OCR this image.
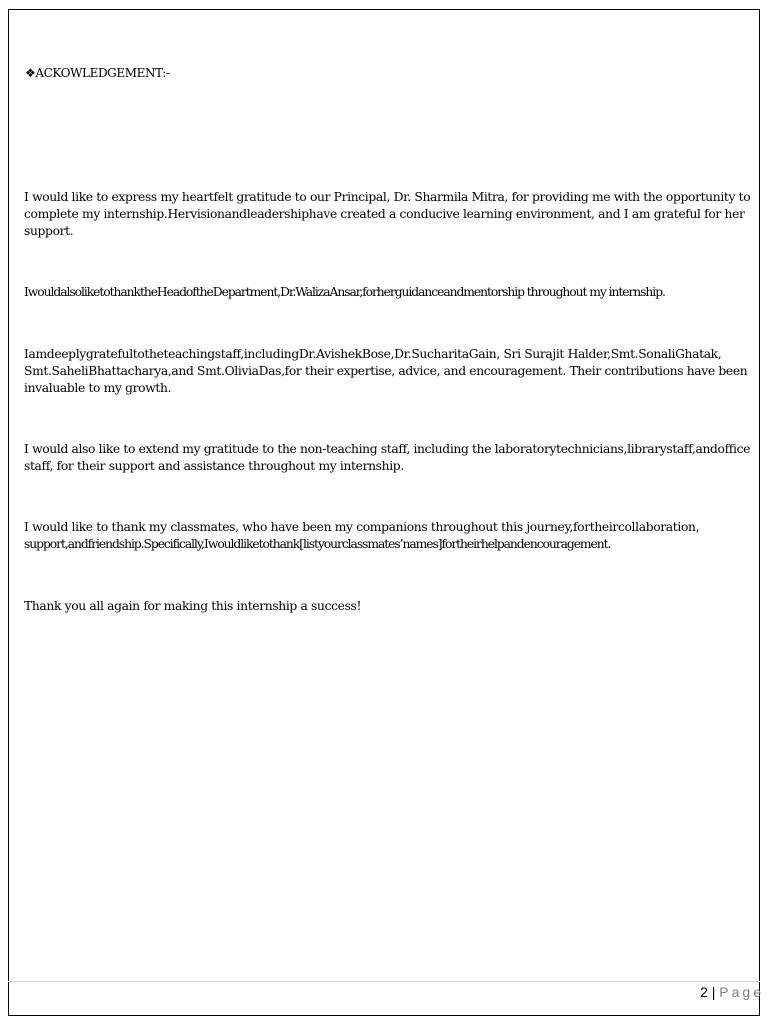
❖ACKOWLEDGEMENT:-
I would like to express my heartfelt gratitude to our Principal, Dr. Sharmila Mitra, for providing me with the opportunity to
complete my internship.Hervisionandleadershiphave created a conducive learning environment, and I am grateful for her
support.
IwouldalsoliketothanktheHeadoftheDepartment,Dr.WalizaAnsar,forherguidanceandmentorship throughout my internship.
Iamdeeplygratefultotheteachingstaff,includingDr.AvishekBose,Dr.SucharitaGain, Sri Surajit Halder,Smt.SonaliGhatak,
Smt.SaheliBhattacharya,and Smt.OliviaDas,for their expertise, advice, and encouragement. Their contributions have been
invaluable to my growth.
I would also like to extend my gratitude to the non-teaching staff, including the laboratorytechnicians,librarystaff,andoffice
staff, for their support and assistance throughout my internship.
I would like to thank my classmates, who have been my companions throughout this journey,fortheircollaboration,
support,andfriendship.Specifically,Iwouldliketothank[listyourclassmates’names]fortheirhelpandencouragement.
Thank you all again for making this internship a success!
2 | Page
